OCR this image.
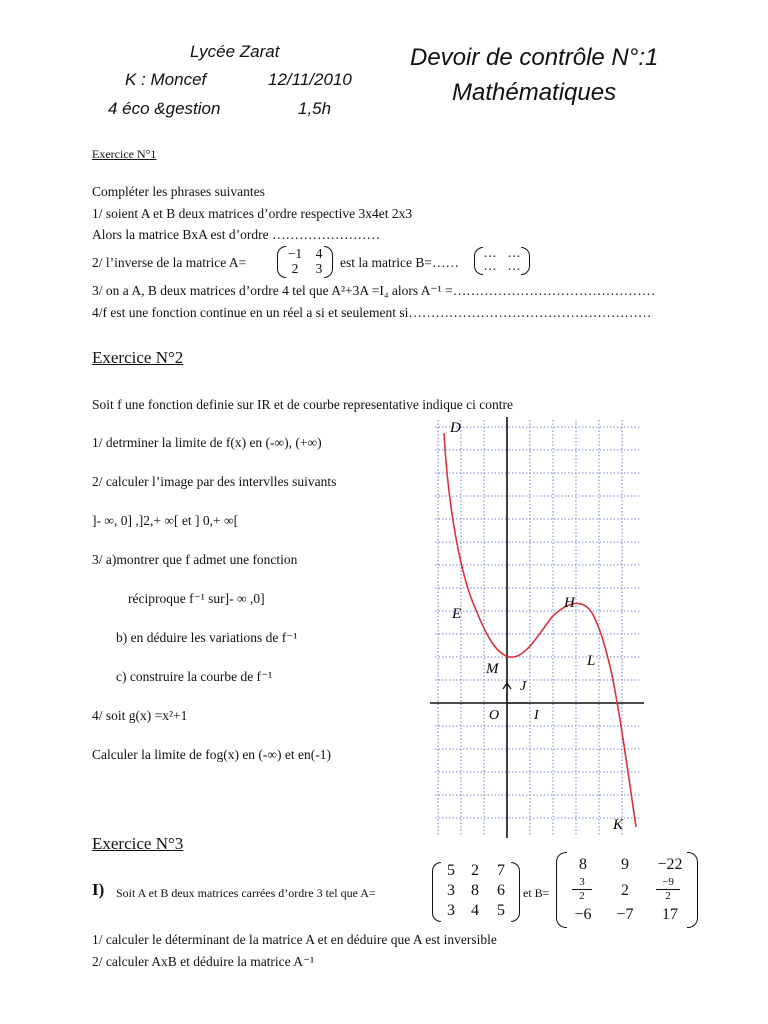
Lycée Zarat
K : Moncef	12/11/2010
4 éco &gestion	1,5h
Devoir de contrôle N°:1
Mathématiques
Exercice N°1
Compléter les phrases suivantes
1/ soient A et B deux matrices d’ordre respective 3x4et 2x3
Alors la matrice BxA est d’ordre ……………………
2/ l’inverse de la matrice A=
−1 4
2	3	est la matrice B=……
… …
… …
3/ on a A, B deux matrices d’ordre 4 tel que A²+3A =I₄ alors A⁻¹ =………………………………………
4/f est une fonction continue en un réel a si et seulement si………………………………………………
Exercice N°2
Soit f une fonction definie sur IR et de courbe representative indique ci contre
1/ detrminer la limite de f(x) en (-∞), (+∞)
2/ calculer l’image par des intervlles suivants
]- ∞, 0] ,]2,+ ∞[ et ] 0,+ ∞[
3/ a)montrer que f admet une fonction
réciproque f⁻¹ sur]- ∞ ,0]
b) en déduire les variations de f⁻¹
c) construire la courbe de f⁻¹
4/ soit g(x) =x²+1
Calculer la limite de fog(x) en (-∞) et en(-1)
D
E
H
M	L
J
O I
K
Exercice N°3
I) Soit A et B deux matrices carrées d’ordre 3 tel que A=
5	2	7
3	8	6
3	4	5
et B=
8	9	−22
$\frac{3}{2}$	2	$\frac{-9}{2}$
−6	−7	17
1/ calculer le déterminant de la matrice A et en déduire que A est inversible
2/ calculer AxB et déduire la matrice A⁻¹
